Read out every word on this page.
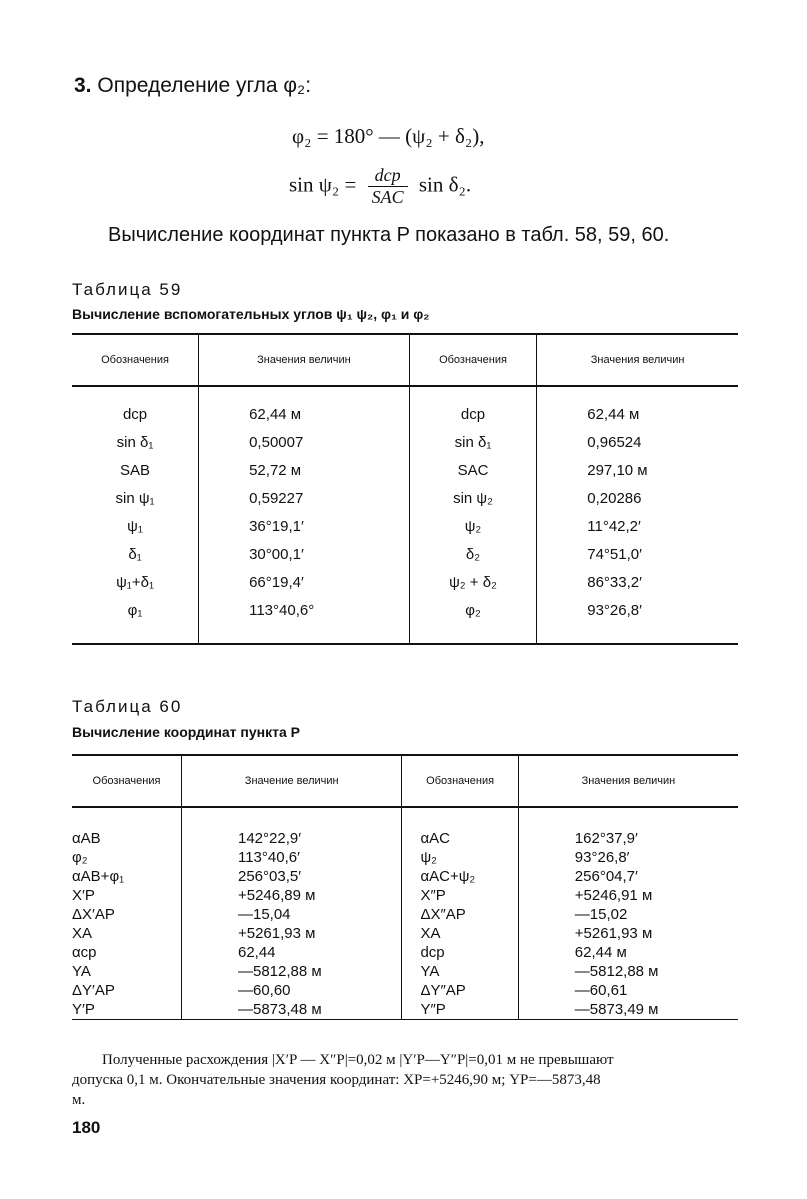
3. Определение угла φ₂:
φ₂ = 180° — (ψ₂ + δ₂),
$\sin \psi_2 = \frac{\text{dср}}{\text{SAC}}$ sin δ₂.
Вычисление координат пункта P показано в табл. 58, 59, 60.
Таблица 59
Вычисление вспомогательных углов ψ₁ ψ₂, φ₁ и φ₂
Обозначения	Значения величин	Обозначения	Значения величин
dср	62,44 м	dср	62,44 м
sin δ₁	0,50007	sin δ₁	0,96524
SAB	52,72 м	SAC	297,10 м
sin ψ₁	0,59227	sin ψ₂	0,20286
ψ₁	36°19,1′	ψ₂	11°42,2′
δ₁	30°00,1′	δ₂	74°51,0′
ψ₁+δ₁	66°19,4′	ψ₂ + δ₂	86°33,2′
φ₁	113°40,6°	φ₂	93°26,8′
Таблица 60
Вычисление координат пункта P
Обозначения	Значение величин	Обозначения	Значения величин
αAB	142°22,9′	αAC	162°37,9′
φ₂	113°40,6′	ψ₂	93°26,8′
αAB+φ₁	256°03,5′	αAC+ψ₂	256°04,7′
X′P	+5246,89 м	X″P	+5246,91 м
ΔX′AP	—15,04	ΔX″AP	—15,02
XA	+5261,93 м	XA	+5261,93 м
αср	62,44	dср	62,44 м
YA	—5812,88 м	YA	—5812,88 м
ΔY′AP	—60,60	ΔY″AP	—60,61
Y′P	—5873,48 м	Y″P	—5873,49 м

Полученные расхождения |X′P — X″P|=0,02 м |Y′P—Y″P|=0,01 м не превышают

допуска 0,1 м. Окончательные значения координат: XP=+5246,90 м; YP=—5873,48
м.
180
